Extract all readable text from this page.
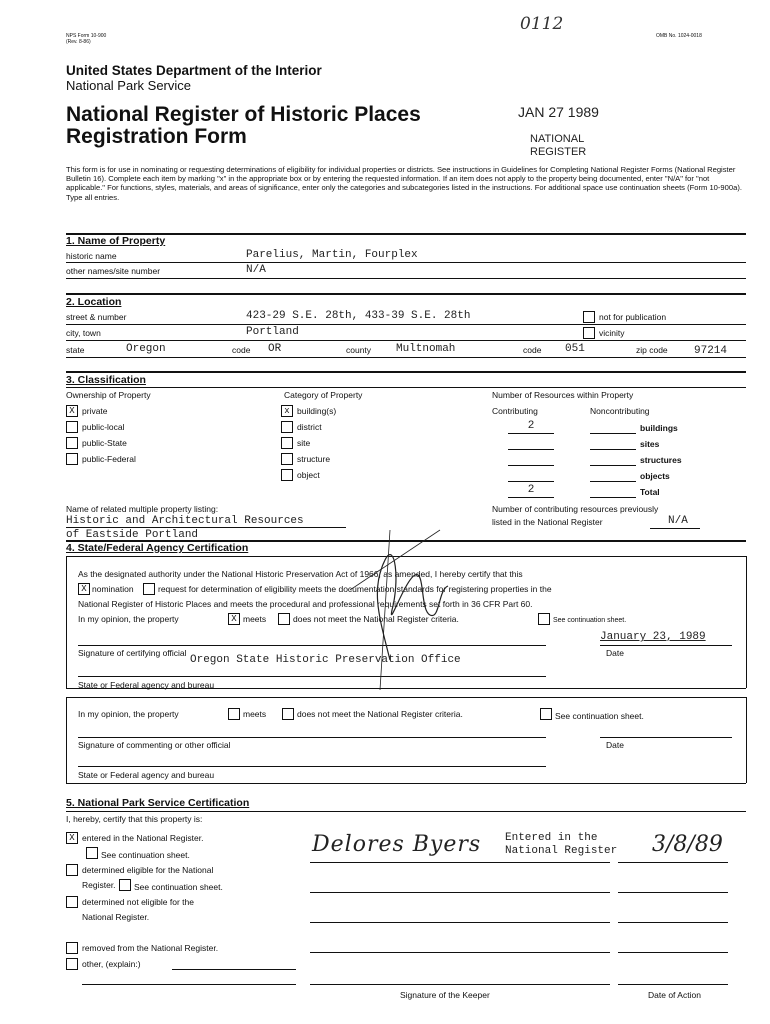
0112
NPS Form 10-900
(Rev. 8-86)
OMB No. 1024-0018
United States Department of the Interior
National Park Service
National Register of Historic Places
Registration Form
JAN 27 1989
NATIONAL
REGISTER
This form is for use in nominating or requesting determinations of eligibility for individual properties or districts. See instructions in Guidelines for Completing National Register Forms (National Register Bulletin 16). Complete each item by marking "x" in the appropriate box or by entering the requested information. If an item does not apply to the property being documented, enter "N/A" for "not applicable." For functions, styles, materials, and areas of significance, enter only the categories and subcategories listed in the instructions. For additional space use continuation sheets (Form 10-900a). Type all entries.
1. Name of Property
historic name	Parelius, Martin, Fourplex
other names/site number	N/A
2. Location
street & number	423-29 S.E. 28th, 433-39 S.E. 28th	not for publication
city, town	Portland	vicinity
state	Oregon	code OR	county Multnomah	code 051	zip code 97214
3. Classification
Ownership of Property	Category of Property	Number of Resources within Property
X private
public-local
public-State
public-Federal
x building(s)
district
site
structure
object
Contributing	Noncontributing
2	buildings
sites
structures
objects
2	Total
Name of related multiple property listing:
Historic and Architectural Resources
of Eastside Portland
Number of contributing resources previously
listed in the National Register	N/A
4. State/Federal Agency Certification
As the designated authority under the National Historic Preservation Act of 1966, as amended, I hereby certify that this
X nomination	request for determination of eligibility meets the documentation standards for registering properties in the
National Register of Historic Places and meets the procedural and professional requirements set forth in 36 CFR Part 60.
In my opinion, the property	X meets	does not meet the National Register criteria.	See continuation sheet.
January 23, 1989
Signature of certifying official	Date
Oregon State Historic Preservation Office
State or Federal agency and bureau
In my opinion, the property	meets	does not meet the National Register criteria.	See continuation sheet.
Signature of commenting or other official	Date
State or Federal agency and bureau
5. National Park Service Certification
I, hereby, certify that this property is:
X entered in the National Register.
See continuation sheet.
determined eligible for the National
Register. See continuation sheet.
determined not eligible for the
National Register.
removed from the National Register.
other, (explain:)
Delores Byers Entered in the
National Register 3/8/89
Signature of the Keeper	Date of Action
